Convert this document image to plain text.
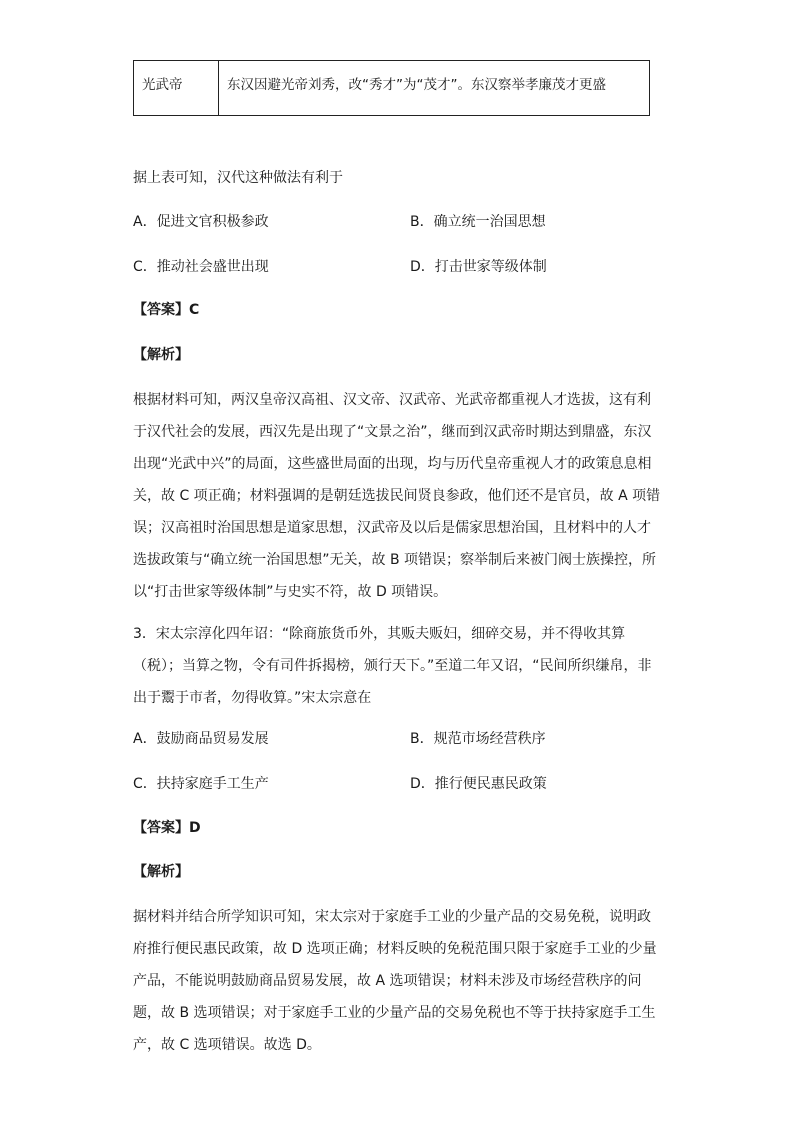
光武帝	东汉因避光帝刘秀，改“秀才”为“茂才”。东汉察举孝廉茂才更盛
据上表可知，汉代这种做法有利于
A．促进文官积极参政	B．确立统一治国思想
C．推动社会盛世出现	D．打击世家等级体制
【答案】C
【解析】
根据材料可知，两汉皇帝汉高祖、汉文帝、汉武帝、光武帝都重视人才选拔，这有利
于汉代社会的发展，西汉先是出现了“文景之治”，继而到汉武帝时期达到鼎盛，东汉
出现“光武中兴”的局面，这些盛世局面的出现，均与历代皇帝重视人才的政策息息相
关，故 C 项正确；材料强调的是朝廷选拔民间贤良参政，他们还不是官员，故 A 项错
误；汉高祖时治国思想是道家思想，汉武帝及以后是儒家思想治国，且材料中的人才
选拔政策与“确立统一治国思想”无关，故 B 项错误；察举制后来被门阀士族操控，所
以“打击世家等级体制”与史实不符，故 D 项错误。
3．宋太宗淳化四年诏：“除商旅货币外，其贩夫贩妇，细碎交易，并不得收其算
（税）；当算之物，令有司件拆揭榜，颁行天下。”至道二年又诏，“民间所织缣帛，非
出于鬻于市者，勿得收算。”宋太宗意在
A．鼓励商品贸易发展	B．规范市场经营秩序
C．扶持家庭手工生产	D．推行便民惠民政策
【答案】D
【解析】
据材料并结合所学知识可知，宋太宗对于家庭手工业的少量产品的交易免税，说明政
府推行便民惠民政策，故 D 选项正确；材料反映的免税范围只限于家庭手工业的少量
产品，不能说明鼓励商品贸易发展，故 A 选项错误；材料未涉及市场经营秩序的问
题，故 B 选项错误；对于家庭手工业的少量产品的交易免税也不等于扶持家庭手工生
产，故 C 选项错误。故选 D。
